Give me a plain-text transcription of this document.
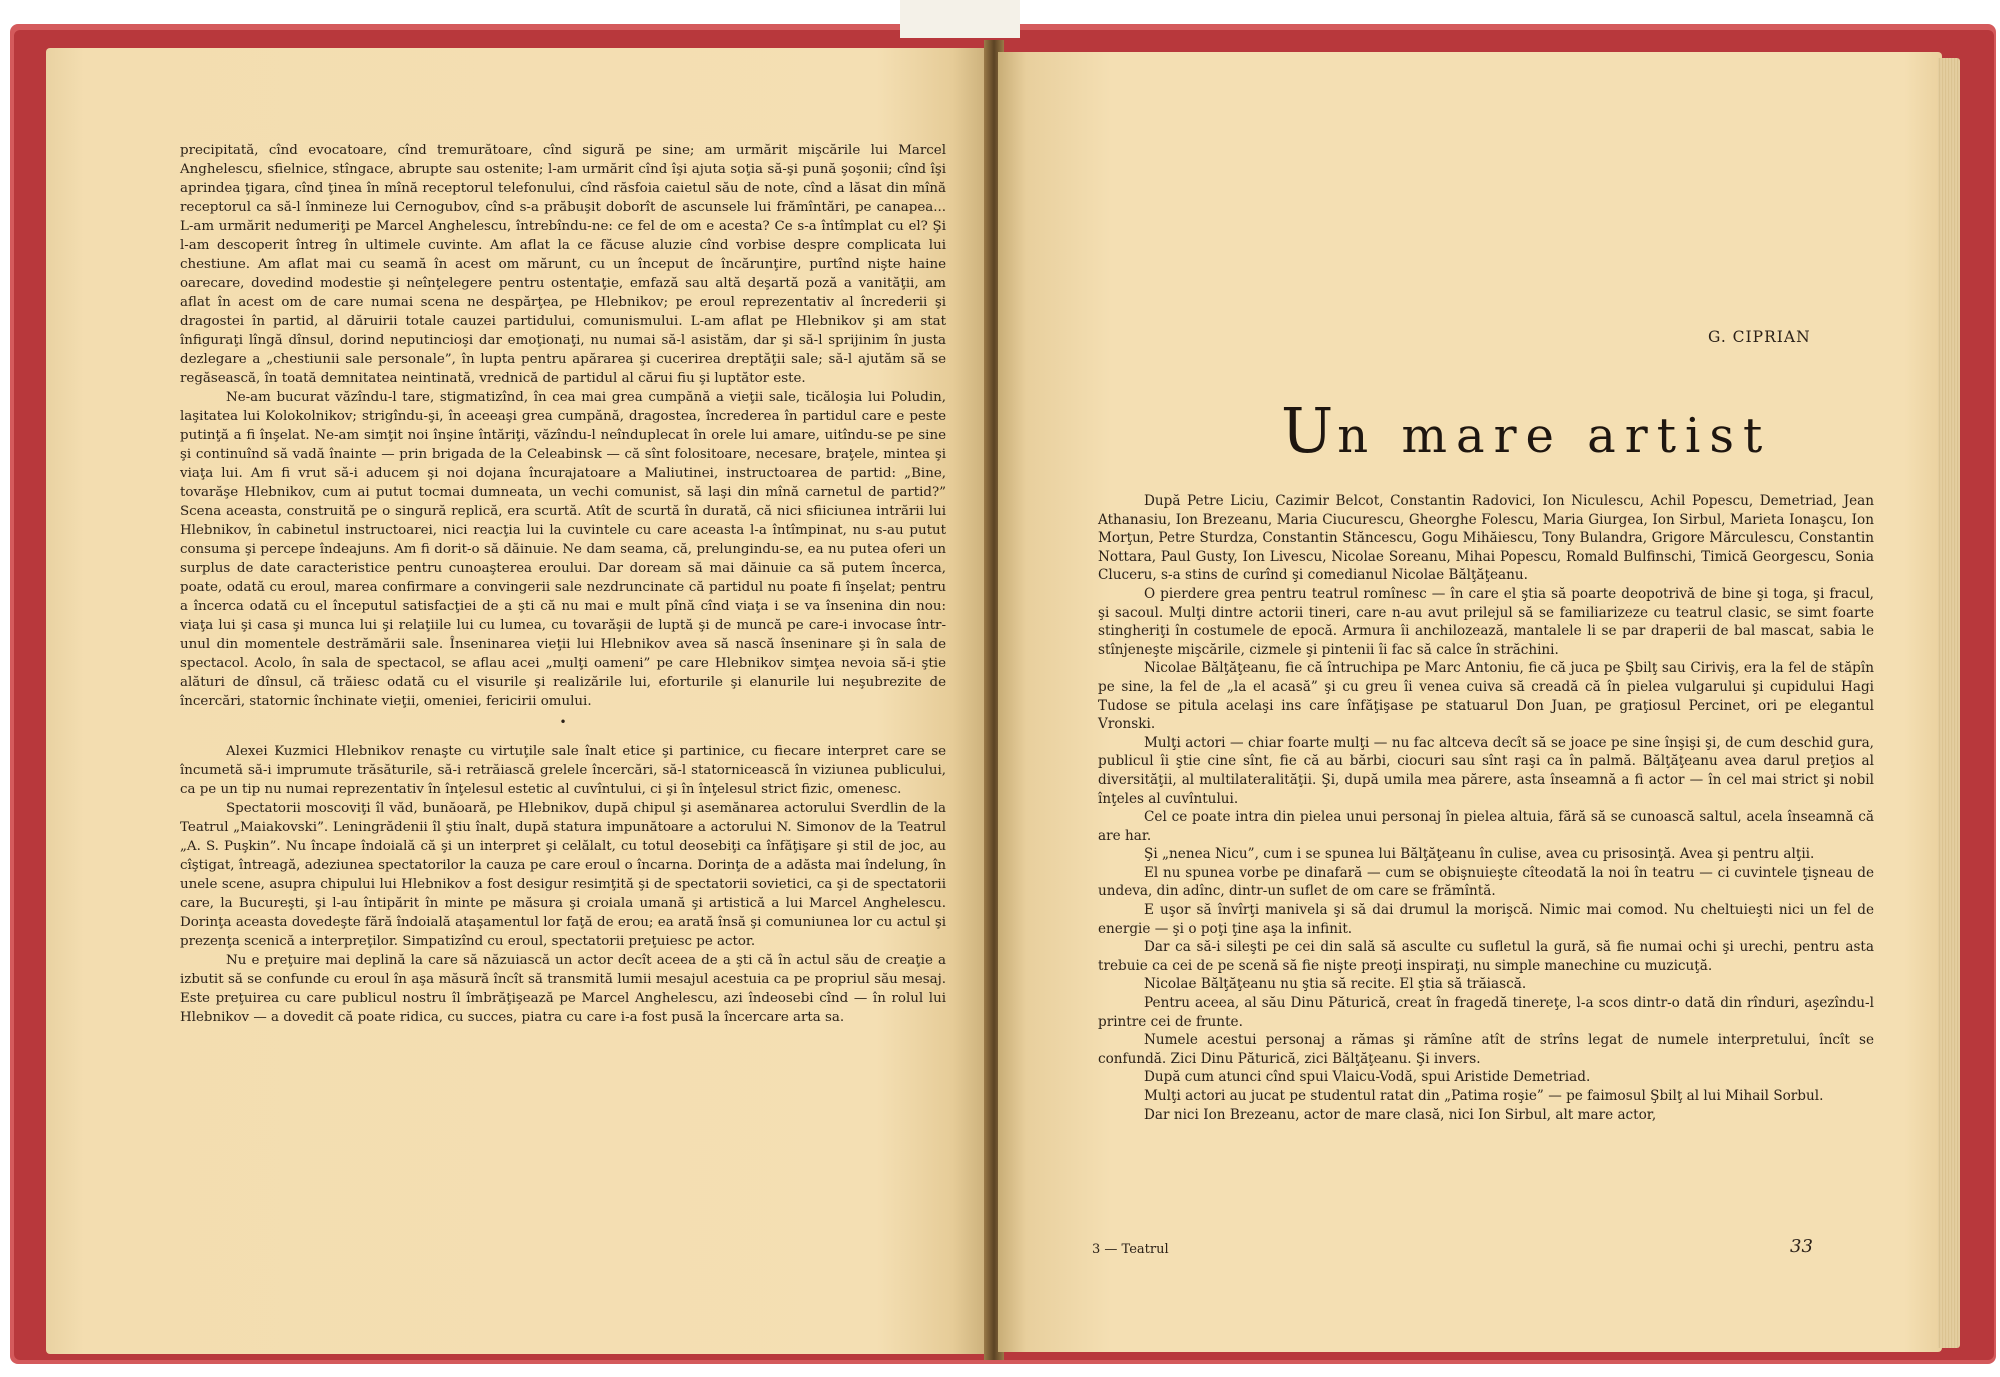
precipitată, cînd evocatoare, cînd tremurătoare, cînd sigură pe sine; am urmărit mişcările lui Marcel Anghelescu, sfielnice, stîngace, abrupte sau ostenite; l-am urmărit cînd îşi ajuta soţia să-şi pună şoşonii; cînd îşi aprindea ţigara, cînd ţinea în mînă receptorul telefonului, cînd răsfoia caietul său de note, cînd a lăsat din mînă receptorul ca să-l înmineze lui Cernogubov, cînd s-a prăbuşit doborît de ascunsele lui frămîntări, pe canapea... L-am urmărit nedumeriţi pe Marcel Anghelescu, întrebîndu-ne: ce fel de om e acesta? Ce s-a întîmplat cu el? Şi l-am descoperit întreg în ultimele cuvinte. Am aflat la ce făcuse aluzie cînd vorbise despre complicata lui chestiune. Am aflat mai cu seamă în acest om mărunt, cu un început de încărunţire, purtînd nişte haine oarecare, dovedind modestie şi neînţelegere pentru ostentaţie, emfază sau altă deşartă poză a vanităţii, am aflat în acest om de care numai scena ne despărţea, pe Hlebnikov; pe eroul reprezentativ al încrederii şi dragostei în partid, al dăruirii totale cauzei partidului, comunismului. L-am aflat pe Hlebnikov şi am stat înfiguraţi lîngă dînsul, dorind neputincioşi dar emoţionaţi, nu numai să-l asistăm, dar şi să-l sprijinim în justa dezlegare a „chestiunii sale personale”, în lupta pentru apărarea şi cucerirea dreptăţii sale; să-l ajutăm să se regăsească, în toată demnitatea neintinată, vrednică de partidul al cărui fiu şi luptător este.

Ne-am bucurat văzîndu-l tare, stigmatizînd, în cea mai grea cumpănă a vieţii sale, ticăloşia lui Poludin, laşitatea lui Kolokolnikov; strigîndu-şi, în aceeaşi grea cumpănă, dragostea, încrederea în partidul care e peste putinţă a fi înşelat. Ne-am simţit noi înşine întăriţi, văzîndu-l neînduplecat în orele lui amare, uitîndu-se pe sine şi continuînd să vadă înainte — prin brigada de la Celeabinsk — că sînt folositoare, necesare, braţele, mintea şi viaţa lui. Am fi vrut să-i aducem şi noi dojana încurajatoare a Maliutinei, instructoarea de partid: „Bine, tovarăşe Hlebnikov, cum ai putut tocmai dumneata, un vechi comunist, să laşi din mînă carnetul de partid?” Scena aceasta, construită pe o singură replică, era scurtă. Atît de scurtă în durată, că nici sfiiciunea intrării lui Hlebnikov, în cabinetul instructoarei, nici reacţia lui la cuvintele cu care aceasta l-a întîmpinat, nu s-au putut consuma şi percepe îndeajuns. Am fi dorit-o să dăinuie. Ne dam seama, că, prelungindu-se, ea nu putea oferi un surplus de date caracteristice pentru cunoaşterea eroului. Dar doream să mai dăinuie ca să putem încerca, poate, odată cu eroul, marea confirmare a convingerii sale nezdruncinate că partidul nu poate fi înşelat; pentru a încerca odată cu el începutul satisfacţiei de a şti că nu mai e mult pînă cînd viaţa i se va însenina din nou: viaţa lui şi casa şi munca lui şi relaţiile lui cu lumea, cu tovarăşii de luptă şi de muncă pe care-i invocase într-unul din momentele destrămării sale. Înseninarea vieţii lui Hlebnikov avea să nască înseninare şi în sala de spectacol. Acolo, în sala de spectacol, se aflau acei „mulţi oameni” pe care Hlebnikov simţea nevoia să-i ştie alături de dînsul, că trăiesc odată cu el visurile şi realizările lui, eforturile şi elanurile lui neşubrezite de încercări, statornic închinate vieţii, omeniei, fericirii omului.

•

Alexei Kuzmici Hlebnikov renaşte cu virtuţile sale înalt etice şi partinice, cu fiecare interpret care se încumetă să-i imprumute trăsăturile, să-i retrăiască grelele încercări, să-l statornicească în viziunea publicului, ca pe un tip nu numai reprezentativ în înţelesul estetic al cuvîntului, ci şi în înţelesul strict fizic, omenesc.

Spectatorii moscoviţi îl văd, bunăoară, pe Hlebnikov, după chipul şi asemănarea actorului Sverdlin de la Teatrul „Maiakovski”. Leningrădenii îl ştiu înalt, după statura impunătoare a actorului N. Simonov de la Teatrul „A. S. Puşkin”. Nu încape îndoială că şi un interpret şi celălalt, cu totul deosebiţi ca înfăţişare şi stil de joc, au cîştigat, întreagă, adeziunea spectatorilor la cauza pe care eroul o încarna. Dorinţa de a adăsta mai îndelung, în unele scene, asupra chipului lui Hlebnikov a fost desigur resimţită şi de spectatorii sovietici, ca şi de spectatorii care, la Bucureşti, şi l-au întipărit în minte pe măsura şi croiala umană şi artistică a lui Marcel Anghelescu. Dorinţa aceasta dovedeşte fără îndoială ataşamentul lor faţă de erou; ea arată însă şi comuniunea lor cu actul şi prezenţa scenică a interpreţilor. Simpatizînd cu eroul, spectatorii preţuiesc pe actor.

Nu e preţuire mai deplină la care să năzuiască un actor decît aceea de a şti că în actul său de creaţie a izbutit să se confunde cu eroul în aşa măsură încît să transmită lumii mesajul acestuia ca pe propriul său mesaj. Este preţuirea cu care publicul nostru îl îmbrăţişează pe Marcel Anghelescu, azi îndeosebi cînd — în rolul lui Hlebnikov — a dovedit că poate ridica, cu succes, piatra cu care i-a fost pusă la încercare arta sa.

G. CIPRIAN
Un mare artist

După Petre Liciu, Cazimir Belcot, Constantin Radovici, Ion Niculescu, Achil Popescu, Demetriad, Jean Athanasiu, Ion Brezeanu, Maria Ciucurescu, Gheorghe Folescu, Maria Giurgea, Ion Sirbul, Marieta Ionaşcu, Ion Morţun, Petre Sturdza, Constantin Stăncescu, Gogu Mihăiescu, Tony Bulandra, Grigore Mărculescu, Constantin Nottara, Paul Gusty, Ion Livescu, Nicolae Soreanu, Mihai Popescu, Romald Bulfinschi, Timică Georgescu, Sonia Cluceru, s-a stins de curînd şi comedianul Nicolae Bălţăţeanu.

O pierdere grea pentru teatrul romînesc — în care el ştia să poarte deopotrivă de bine şi toga, şi fracul, şi sacoul. Mulţi dintre actorii tineri, care n-au avut prilejul să se familiarizeze cu teatrul clasic, se simt foarte stingheriţi în costumele de epocă. Armura îi anchilozează, mantalele li se par draperii de bal mascat, sabia le stînjeneşte mişcările, cizmele şi pintenii îi fac să calce în străchini.

Nicolae Bălţăţeanu, fie că întruchipa pe Marc Antoniu, fie că juca pe Şbilţ sau Ciriviş, era la fel de stăpîn pe sine, la fel de „la el acasă” şi cu greu îi venea cuiva să creadă că în pielea vulgarului şi cupidului Hagi Tudose se pitula acelaşi ins care înfăţişase pe statuarul Don Juan, pe graţiosul Percinet, ori pe elegantul Vronski.

Mulţi actori — chiar foarte mulţi — nu fac altceva decît să se joace pe sine înşişi şi, de cum deschid gura, publicul îi ştie cine sînt, fie că au bărbi, ciocuri sau sînt raşi ca în palmă. Bălţăţeanu avea darul preţios al diversităţii, al multilateralităţii. Şi, după umila mea părere, asta înseamnă a fi actor — în cel mai strict şi nobil înţeles al cuvîntului.

Cel ce poate intra din pielea unui personaj în pielea altuia, fără să se cunoască saltul, acela înseamnă că are har.

Şi „nenea Nicu”, cum i se spunea lui Bălţăţeanu în culise, avea cu prisosinţă. Avea şi pentru alţii.

El nu spunea vorbe pe dinafară — cum se obişnuieşte cîteodată la noi în teatru — ci cuvintele ţişneau de undeva, din adînc, dintr-un suflet de om care se frămîntă.

E uşor să învîrţi manivela şi să dai drumul la morişcă. Nimic mai comod. Nu cheltuieşti nici un fel de energie — şi o poţi ţine aşa la infinit.

Dar ca să-i sileşti pe cei din sală să asculte cu sufletul la gură, să fie numai ochi şi urechi, pentru asta trebuie ca cei de pe scenă să fie nişte preoţi inspiraţi, nu simple manechine cu muzicuţă.

Nicolae Bălţăţeanu nu ştia să recite. El ştia să trăiască.

Pentru aceea, al său Dinu Păturică, creat în fragedă tinereţe, l-a scos dintr-o dată din rînduri, aşezîndu-l printre cei de frunte.

Numele acestui personaj a rămas şi rămîne atît de strîns legat de numele interpretului, încît se confundă. Zici Dinu Păturică, zici Bălţăţeanu. Şi invers.

După cum atunci cînd spui Vlaicu-Vodă, spui Aristide Demetriad.

Mulţi actori au jucat pe studentul ratat din „Patima roşie” — pe faimosul Şbilţ al lui Mihail Sorbul.

Dar nici Ion Brezeanu, actor de mare clasă, nici Ion Sirbul, alt mare actor,

3 — Teatrul	33
